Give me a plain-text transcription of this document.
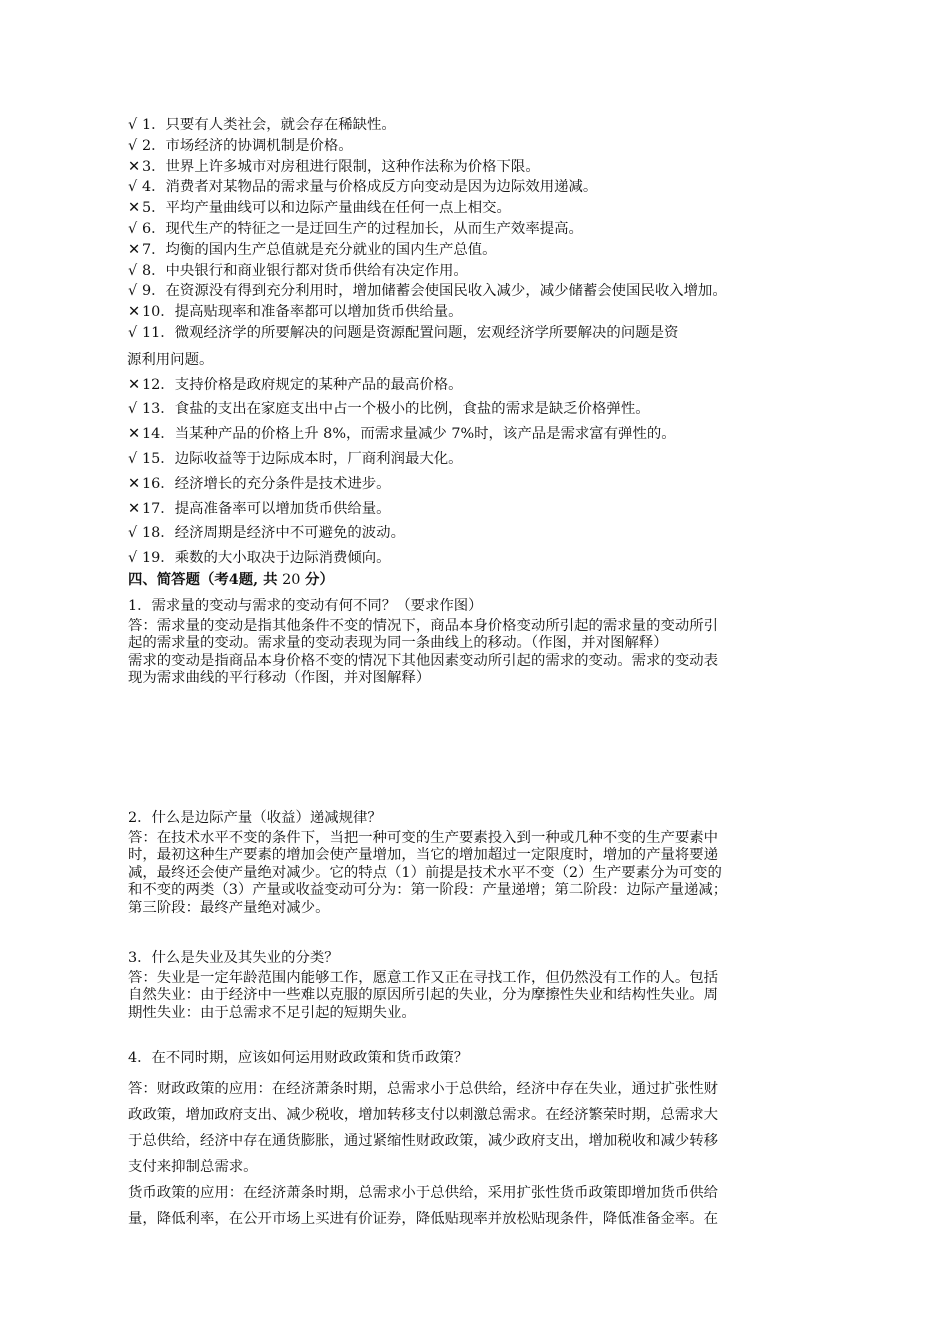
√ 1．只要有人类社会，就会存在稀缺性。
√ 2．市场经济的协调机制是价格。
✕ 3．世界上许多城市对房租进行限制，这种作法称为价格下限。
√ 4．消费者对某物品的需求量与价格成反方向变动是因为边际效用递减。
✕ 5．平均产量曲线可以和边际产量曲线在任何一点上相交。
√ 6．现代生产的特征之一是迂回生产的过程加长，从而生产效率提高。
✕ 7．均衡的国内生产总值就是充分就业的国内生产总值。
√ 8．中央银行和商业银行都对货币供给有决定作用。
√ 9．在资源没有得到充分利用时，增加储蓄会使国民收入减少，减少储蓄会使国民收入增加。
✕ 10．提高贴现率和准备率都可以增加货币供给量。
√ 11．微观经济学的所要解决的问题是资源配置问题，宏观经济学所要解决的问题是资
源利用问题。
✕ 12．支持价格是政府规定的某种产品的最高价格。
√ 13．食盐的支出在家庭支出中占一个极小的比例，食盐的需求是缺乏价格弹性。
✕ 14．当某种产品的价格上升 8%，而需求量减少 7%时，该产品是需求富有弹性的。
√ 15．边际收益等于边际成本时，厂商利润最大化。
✕ 16．经济增长的充分条件是技术进步。
✕ 17．提高准备率可以增加货币供给量。
√ 18．经济周期是经济中不可避免的波动。
√ 19．乘数的大小取决于边际消费倾向。
四、简答题（考4题, 共 20 分）
1．需求量的变动与需求的变动有何不同？（要求作图）
答：需求量的变动是指其他条件不变的情况下，商品本身价格变动所引起的需求量的变动所引
起的需求量的变动。需求量的变动表现为同一条曲线上的移动。（作图，并对图解释）
需求的变动是指商品本身价格不变的情况下其他因素变动所引起的需求的变动。需求的变动表
现为需求曲线的平行移动（作图，并对图解释）
2．什么是边际产量（收益）递减规律？
答：在技术水平不变的条件下，当把一种可变的生产要素投入到一种或几种不变的生产要素中
时，最初这种生产要素的增加会使产量增加，当它的增加超过一定限度时，增加的产量将要递
减，最终还会使产量绝对减少。它的特点（1）前提是技术水平不变（2）生产要素分为可变的
和不变的两类（3）产量或收益变动可分为：第一阶段：产量递增；第二阶段：边际产量递减；
第三阶段：最终产量绝对减少。
3．什么是失业及其失业的分类？
答：失业是一定年龄范围内能够工作，愿意工作又正在寻找工作，但仍然没有工作的人。包括
自然失业：由于经济中一些难以克服的原因所引起的失业，分为摩擦性失业和结构性失业。周
期性失业：由于总需求不足引起的短期失业。
4．在不同时期，应该如何运用财政政策和货币政策？
答：财政政策的应用：在经济萧条时期，总需求小于总供给，经济中存在失业，通过扩张性财
政政策，增加政府支出、减少税收，增加转移支付以刺激总需求。在经济繁荣时期，总需求大
于总供给，经济中存在通货膨胀，通过紧缩性财政政策，减少政府支出，增加税收和减少转移
支付来抑制总需求。
货币政策的应用：在经济萧条时期，总需求小于总供给，采用扩张性货币政策即增加货币供给
量，降低利率，在公开市场上买进有价证券，降低贴现率并放松贴现条件，降低准备金率。在
